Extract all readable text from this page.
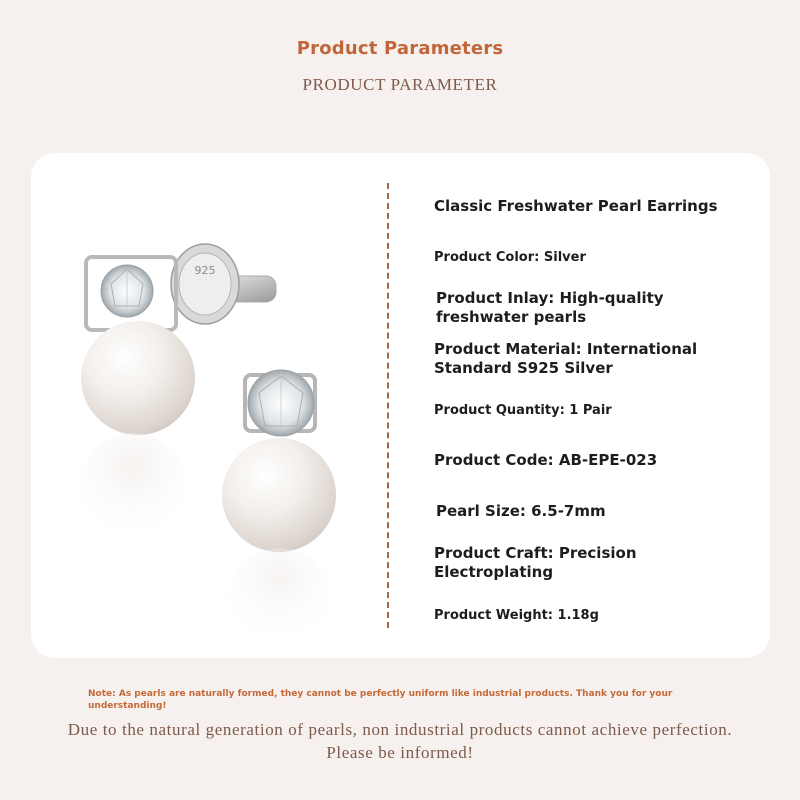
Product Parameters
PRODUCT PARAMETER
925
Classic Freshwater Pearl Earrings
Product Color: Silver
Product Inlay: High-quality freshwater pearls
Product Material: International Standard S925 Silver
Product Quantity: 1 Pair
Product Code: AB-EPE-023
Pearl Size: 6.5-7mm
Product Craft: Precision Electroplating
Product Weight: 1.18g
Note: As pearls are naturally formed, they cannot be perfectly uniform like industrial products. Thank you for your understanding!
Due to the natural generation of pearls, non industrial products cannot achieve perfection. Please be informed!
